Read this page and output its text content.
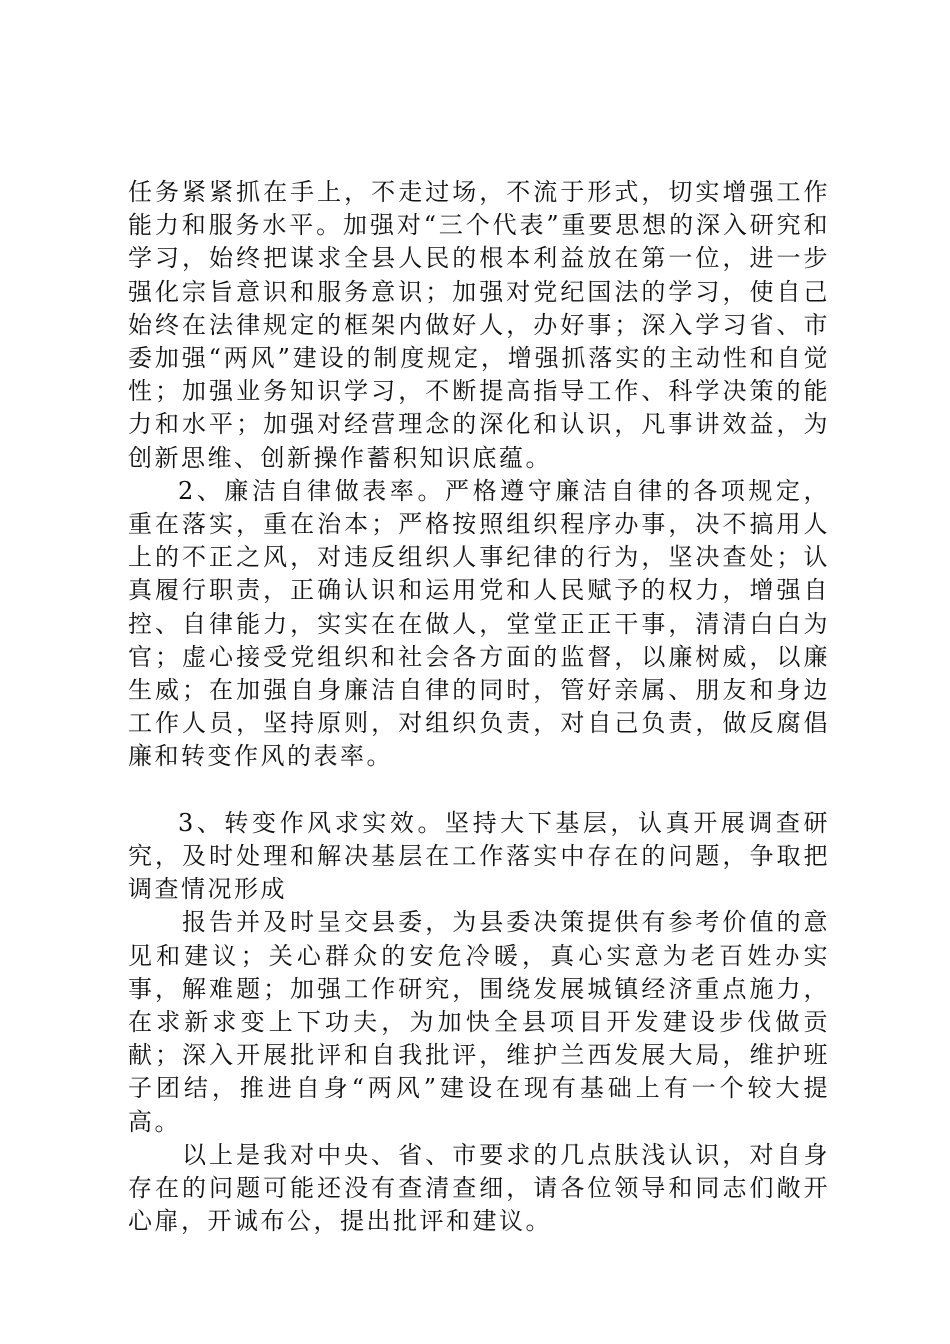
任务紧紧抓在手上，不走过场，不流于形式，切实增强工作能力和服务水平。加强对“三个代表”重要思想的深入研究和学习，始终把谋求全县人民的根本利益放在第一位，进一步强化宗旨意识和服务意识；加强对党纪国法的学习，使自己始终在法律规定的框架内做好人，办好事；深入学习省、市委加强“两风”建设的制度规定，增强抓落实的主动性和自觉性；加强业务知识学习，不断提高指导工作、科学决策的能力和水平；加强对经营理念的深化和认识，凡事讲效益，为创新思维、创新操作蓄积知识底蕴。

2、廉洁自律做表率。严格遵守廉洁自律的各项规定，重在落实，重在治本；严格按照组织程序办事，决不搞用人上的不正之风，对违反组织人事纪律的行为，坚决查处；认真履行职责，正确认识和运用党和人民赋予的权力，增强自控、自律能力，实实在在做人，堂堂正正干事，清清白白为官；虚心接受党组织和社会各方面的监督，以廉树威，以廉生威；在加强自身廉洁自律的同时，管好亲属、朋友和身边工作人员，坚持原则，对组织负责，对自己负责，做反腐倡廉和转变作风的表率。

3、转变作风求实效。坚持大下基层，认真开展调查研究，及时处理和解决基层在工作落实中存在的问题，争取把调查情况形成

报告并及时呈交县委，为县委决策提供有参考价值的意见和建议；关心群众的安危冷暖，真心实意为老百姓办实事，解难题；加强工作研究，围绕发展城镇经济重点施力，在求新求变上下功夫，为加快全县项目开发建设步伐做贡献；深入开展批评和自我批评，维护兰西发展大局，维护班子团结，推进自身“两风”建设在现有基础上有一个较大提高。

以上是我对中央、省、市要求的几点肤浅认识，对自身存在的问题可能还没有查清查细，请各位领导和同志们敞开心扉，开诚布公，提出批评和建议。
